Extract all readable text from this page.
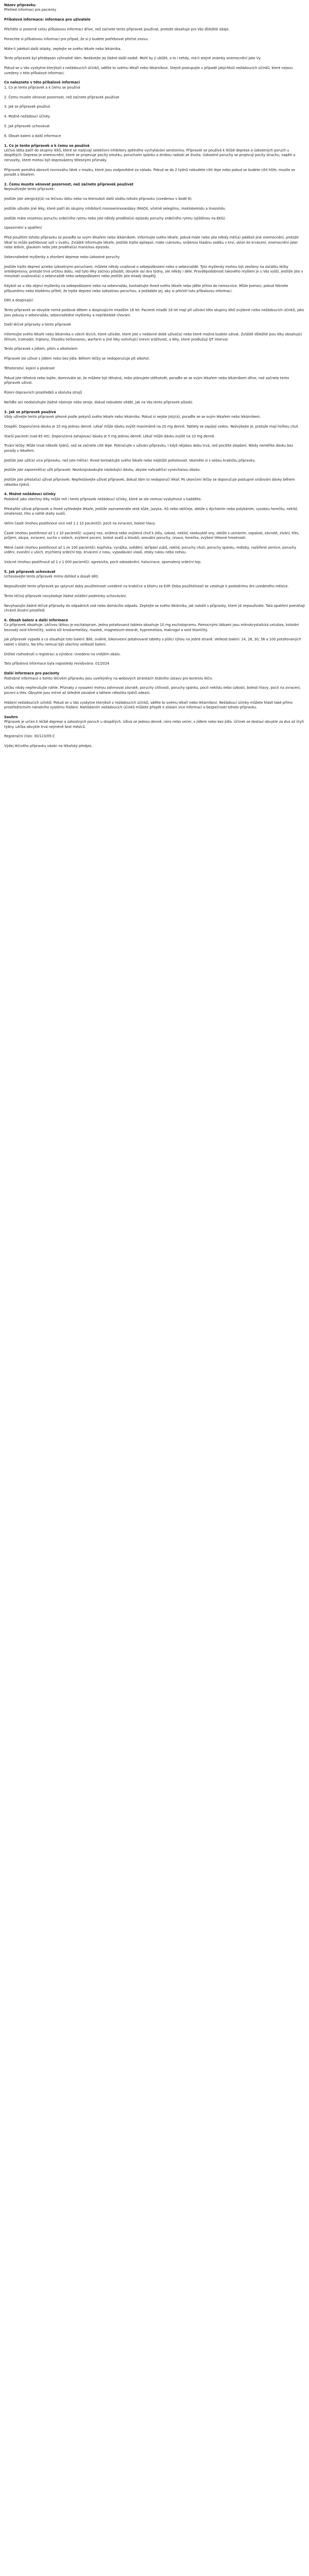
Název přípravku

Přehled informací pro pacienty

Příbalová informace: informace pro uživatele

Přečtěte si pozorně celou příbalovou informaci dříve, než začnete tento přípravek používat, protože obsahuje pro Vás důležité údaje.

Ponechte si příbalovou informaci pro případ, že si ji budete potřebovat přečíst znovu.

Máte-li jakékoli další otázky, zeptejte se svého lékaře nebo lékárníka.

Tento přípravek byl předepsán výhradně Vám. Nedávejte jej žádné další osobě. Mohl by jí ublížit, a to i tehdy, má-li stejné známky onemocnění jako Vy.

Pokud se u Vás vyskytne kterýkoli z nežádoucích účinků, sdělte to svému lékaři nebo lékárníkovi. Stejně postupujte v případě jakýchkoli nežádoucích účinků, které nejsou uvedeny v této příbalové informaci.

Co naleznete v této příbalové informaci

1. Co je tento přípravek a k čemu se používá

2. Čemu musíte věnovat pozornost, než začnete přípravek používat

3. Jak se přípravek používá

4. Možné nežádoucí účinky

5. Jak přípravek uchovávat

6. Obsah balení a další informace

1. Co je tento přípravek a k čemu se používá

Léčivá látka patří do skupiny léků, které se nazývají selektivní inhibitory zpětného vychytávání serotoninu. Přípravek se používá k léčbě deprese a úzkostných poruch u dospělých. Deprese je onemocnění, které se projevuje pocity smutku, poruchami spánku a ztrátou radosti ze života. Úzkostné poruchy se projevují pocity strachu, napětí a nervozity, které mohou být doprovázeny tělesnými příznaky.

Přípravek pomáhá obnovit rovnováhu látek v mozku, které jsou zodpovědné za náladu. Pokud se do 2 týdnů nebudete cítit lépe nebo pokud se budete cítit hůře, musíte se poradit s lékařem.

2. Čemu musíte věnovat pozornost, než začnete přípravek používat

Nepoužívejte tento přípravek:

jestliže jste alergický(á) na léčivou látku nebo na kteroukoli další složku tohoto přípravku (uvedenou v bodě 6).

jestliže užíváte jiné léky, které patří do skupiny inhibitorů monoaminooxidázy (MAOI), včetně selegilinu, moklobemidu a linezolidu.

jestliže máte vrozenou poruchu srdečního rytmu nebo jste někdy prodělal(a) epizodu poruchy srdečního rytmu (zjištěnou na EKG).

Upozornění a opatření

Před použitím tohoto přípravku se poraďte se svým lékařem nebo lékárníkem. Informujte svého lékaře, pokud máte nebo jste někdy měl(a) jakékoli jiné onemocnění, protože lékař to může potřebovat vzít v úvahu. Zvláště informujte lékaře, jestliže trpíte epilepsií, máte cukrovku, sníženou hladinu sodíku v krvi, sklon ke krvácení, onemocnění jater nebo ledvin, glaukom nebo jste prodělal(a) manickou epizodu.

Sebevražedné myšlenky a zhoršení deprese nebo úzkostné poruchy

Jestliže trpíte depresí a/nebo úzkostnými poruchami, můžete někdy uvažovat o sebepoškození nebo o sebevraždě. Tyto myšlenky mohou být zesíleny na začátku léčby antidepresivy, protože trvá určitou dobu, než tyto léky začnou působit, obvykle asi dva týdny, ale někdy i déle. Pravděpodobnost takového myšlení je u Vás vyšší, jestliže jste v minulosti uvažoval(a) o sebevraždě nebo sebepoškození nebo jestliže jste mladý dospělý.

Kdykoli se u Vás objeví myšlenky na sebepoškození nebo na sebevraždu, kontaktujte ihned svého lékaře nebo jděte přímo do nemocnice. Může pomoci, pokud řeknete příbuznému nebo blízkému příteli, že trpíte depresí nebo úzkostnou poruchou, a požádáte jej, aby si přečetl tuto příbalovou informaci.

Děti a dospívající

Tento přípravek se obvykle nemá podávat dětem a dospívajícím mladším 18 let. Pacienti mladší 18 let mají při užívání této skupiny léků zvýšené riziko nežádoucích účinků, jako jsou pokusy o sebevraždu, sebevražedné myšlenky a nepřátelské chování.

Další léčivé přípravky a tento přípravek

Informujte svého lékaře nebo lékárníka o všech lécích, které užíváte, které jste v nedávné době užíval(a) nebo které možná budete užívat. Zvláště důležité jsou léky obsahující lithium, tramadol, triptany, třezalku tečkovanou, warfarin a jiné léky ovlivňující krevní srážlivost, a léky, které prodlužují QT interval.

Tento přípravek s jídlem, pitím a alkoholem

Přípravek lze užívat s jídlem nebo bez jídla. Během léčby se nedoporučuje pít alkohol.

Těhotenství, kojení a plodnost

Pokud jste těhotná nebo kojíte, domníváte se, že můžete být těhotná, nebo plánujete otěhotnět, poraďte se se svým lékařem nebo lékárníkem dříve, než začnete tento přípravek užívat.

Řízení dopravních prostředků a obsluha strojů

Neřiďte ani neobsluhujte žádné nástroje nebo stroje, dokud nebudete vědět, jak na Vás tento přípravek působí.

3. Jak se přípravek používá

Vždy užívejte tento přípravek přesně podle pokynů svého lékaře nebo lékárníka. Pokud si nejste jistý(á), poraďte se se svým lékařem nebo lékárníkem.

Dospělí: Doporučená dávka je 10 mg jednou denně. Lékař může dávku zvýšit maximálně na 20 mg denně. Tablety se zapíjejí vodou. Nežvýkejte je, protože mají hořkou chuť.

Starší pacienti (nad 65 let): Doporučená zahajovací dávka je 5 mg jednou denně. Lékař může dávku zvýšit na 10 mg denně.

Trvání léčby: Může trvat několik týdnů, než se začnete cítit lépe. Pokračujte v užívání přípravku, i když nějakou dobu trvá, než pocítíte zlepšení. Nikdy neměňte dávku bez porady s lékařem.

Jestliže jste užil(a) více přípravku, než jste měl(a): Ihned kontaktujte svého lékaře nebo nejbližší pohotovost. Vezměte si s sebou krabičku přípravku.

Jestliže jste zapomněl(a) užít přípravek: Nezdvojnásobujte následující dávku, abyste nahradil(a) vynechanou dávku.

Jestliže jste přestal(a) užívat přípravek: Nepřestávejte užívat přípravek, dokud Vám to nedoporučí lékař. Po ukončení léčby se doporučuje postupné snižování dávky během několika týdnů.

4. Možné nežádoucí účinky

Podobně jako všechny léky může mít i tento přípravek nežádoucí účinky, které se ale nemusí vyskytnout u každého.

Přestaňte užívat přípravek a ihned vyhledejte lékaře, jestliže zaznamenáte otok kůže, jazyka, rtů nebo obličeje, obtíže s dýcháním nebo polykáním, vysokou horečku, neklid, zmatenost, třes a náhlé stahy svalů.

Velmi časté (mohou postihnout více než 1 z 10 pacientů): pocit na zvracení, bolest hlavy.

Časté (mohou postihnout až 1 z 10 pacientů): ucpaný nos, snížená nebo zvýšená chuť k jídlu, úzkost, neklid, neobvyklé sny, obtíže s usínáním, ospalost, závratě, zívání, třes, průjem, zácpa, zvracení, sucho v ústech, zvýšené pocení, bolest svalů a kloubů, sexuální poruchy, únava, horečka, zvýšení tělesné hmotnosti.

Méně časté (mohou postihnout až 1 ze 100 pacientů): kopřivka, vyrážka, svědění, skřípání zubů, neklid, poruchy chuti, poruchy spánku, mdloby, rozšířené zornice, poruchy vidění, zvonění v uších, zrychlený srdeční tep, krvácení z nosu, vypadávání vlasů, otoky rukou nebo nohou.

Vzácné (mohou postihnout až 1 z 1 000 pacientů): agresivita, pocit odosobnění, halucinace, zpomalený srdeční tep.

5. Jak přípravek uchovávat

Uchovávejte tento přípravek mimo dohled a dosah dětí.

Nepoužívejte tento přípravek po uplynutí doby použitelnosti uvedené na krabičce a blistru za EXP. Doba použitelnosti se vztahuje k poslednímu dni uvedeného měsíce.

Tento léčivý přípravek nevyžaduje žádné zvláštní podmínky uchovávání.

Nevyhazujte žádné léčivé přípravky do odpadních vod nebo domácího odpadu. Zeptejte se svého lékárníka, jak naložit s přípravky, které již nepoužíváte. Tato opatření pomáhají chránit životní prostředí.

6. Obsah balení a další informace

Co přípravek obsahuje: Léčivou látkou je escitalopram. Jedna potahovaná tableta obsahuje 10 mg escitalopramu. Pomocnými látkami jsou mikrokrystalická celulóza, koloidní bezvodý oxid křemičitý, sodná sůl kroskarmelózy, mastek, magnesium-stearát, hypromelóza, makrogol a oxid titaničitý.

Jak přípravek vypadá a co obsahuje toto balení: Bílé, oválné, bikonvexní potahované tablety s půlicí rýhou na jedné straně. Velikost balení: 14, 28, 30, 56 a 100 potahovaných tablet v blistru. Na trhu nemusí být všechny velikosti balení.

Držitel rozhodnutí o registraci a výrobce: Uvedeno na vnějším obalu.

Tato příbalová informace byla naposledy revidována: 01/2024

Další informace pro pacienty

Podrobné informace o tomto léčivém přípravku jsou uveřejněny na webových stránkách Státního ústavu pro kontrolu léčiv.

Léčbu nikdy nepřerušujte náhle. Příznaky z vysazení mohou zahrnovat závratě, poruchy citlivosti, poruchy spánku, pocit neklidu nebo úzkosti, bolesti hlavy, pocit na zvracení, pocení a třes. Obvykle jsou mírné až středně závažné a během několika týdnů odezní.

Hlášení nežádoucích účinků: Pokud se u Vás vyskytne kterýkoli z nežádoucích účinků, sdělte to svému lékaři nebo lékárníkovi. Nežádoucí účinky můžete hlásit také přímo prostřednictvím národního systému hlášení. Nahlášením nežádoucích účinků můžete přispět k získání více informací o bezpečnosti tohoto přípravku.

Souhrn

Přípravek je určen k léčbě deprese a úzkostných poruch u dospělých. Užívá se jednou denně, ráno nebo večer, s jídlem nebo bez jídla. Účinek se dostaví obvykle za dva až čtyři týdny. Léčba obvykle trvá nejméně šest měsíců.

Registrační číslo: 30/123/05-C

Výdej léčivého přípravku vázán na lékařský předpis.
